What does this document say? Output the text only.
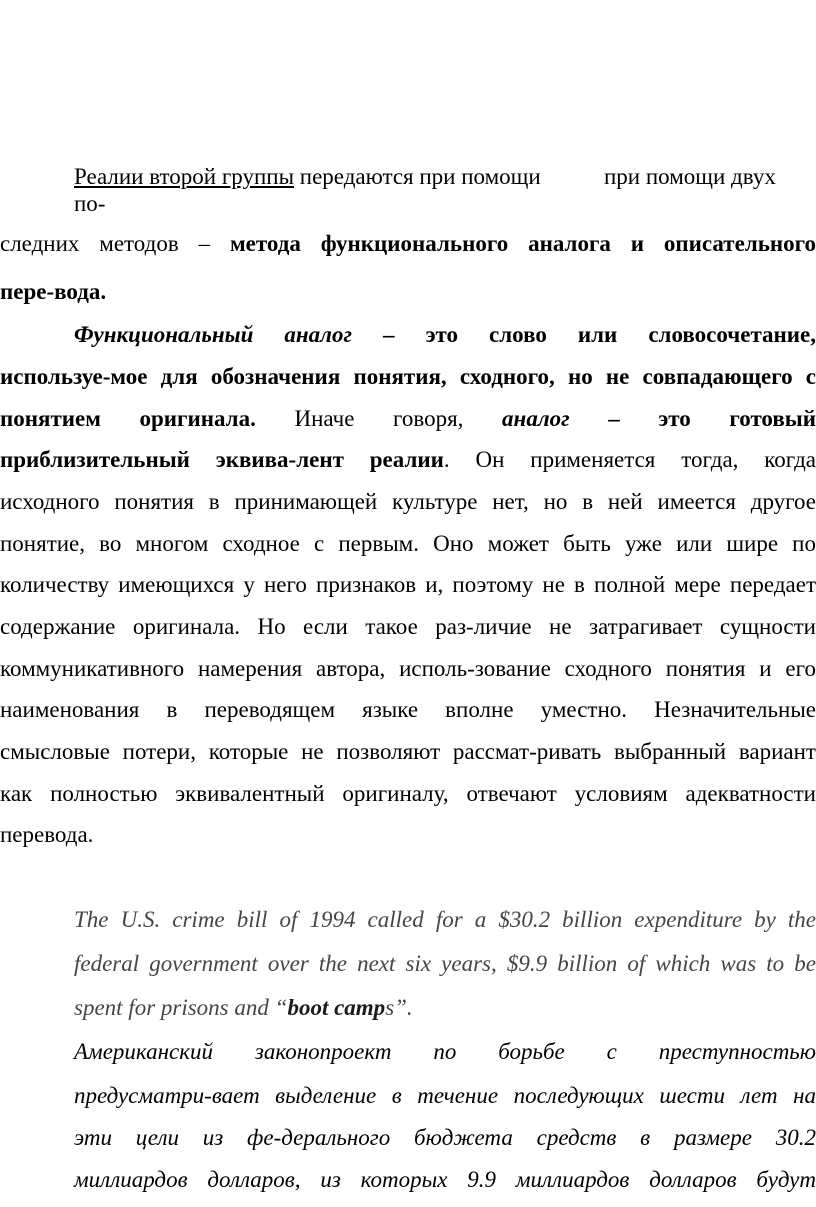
Реалии второй группы передаются при помощи	при помощи двух
по-
следних методов – метода функционального аналога и описательного
пере-вода.
Функциональный аналог – это слово или словосочетание,
используе-мое для обозначения понятия, сходного, но не совпадающего с
понятием оригинала. Иначе говоря, аналог – это готовый
приблизительный эквива-лент реалии. Он применяется тогда, когда
исходного понятия в принимающей культуре нет, но в ней имеется другое
понятие, во многом сходное с первым. Оно может быть уже или шире по
количеству имеющихся у него признаков и, поэтому не в полной мере передает
содержание оригинала. Но если такое раз-личие не затрагивает сущности
коммуникативного намерения автора, исполь-зование сходного понятия и его
наименования в переводящем языке вполне уместно. Незначительные
смысловые потери, которые не позволяют рассмат-ривать выбранный вариант
как полностью эквивалентный оригиналу, отвечают условиям адекватности
перевода.
The U.S. crime bill of 1994 called for a $30.2 billion expenditure by the
federal government over the next six years, $9.9 billion of which was to be
spent for prisons and “boot camps”.
Американский законопроект по борьбе с преступностью
предусматри-вает выделение в течение последующих шести лет на
эти цели из фе-дерального бюджета средств в размере 30.2
миллиардов долларов, из которых 9.9 миллиардов долларов будут
